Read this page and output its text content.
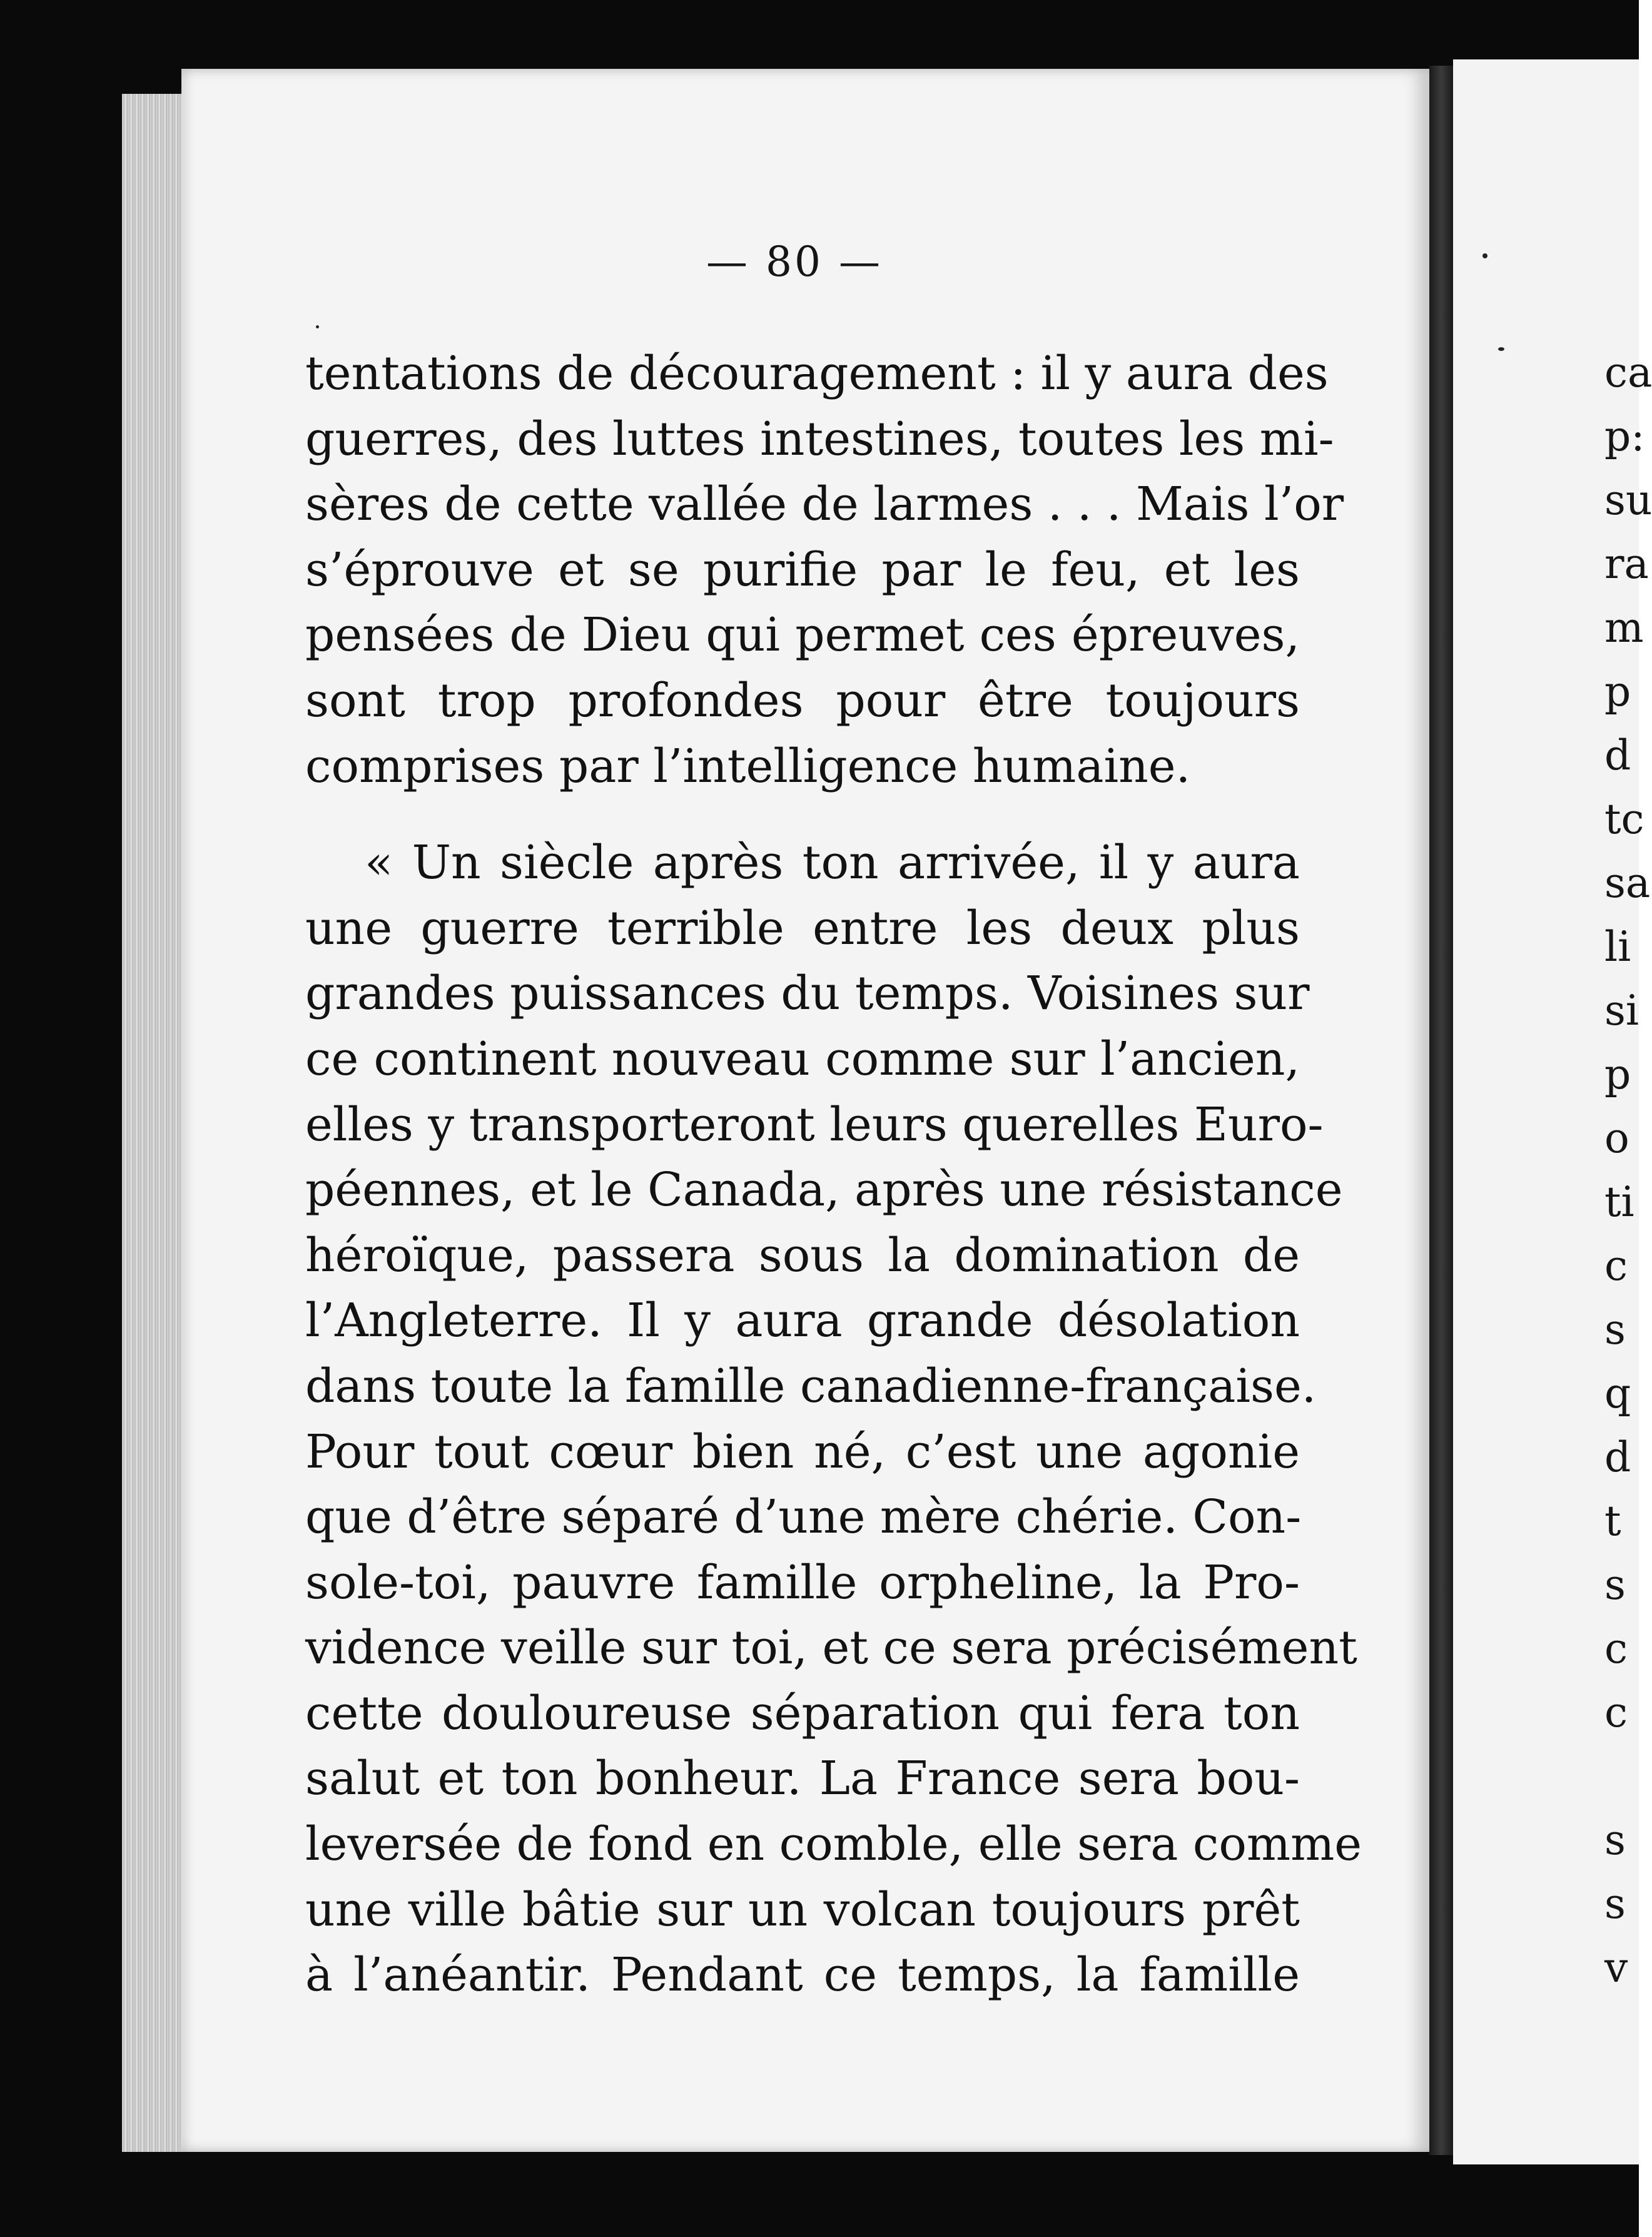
— 80 —
tentations de découragement : il y aura des
guerres, des luttes intestines, toutes les mi-
sères de cette vallée de larmes . . . Mais l’or
s’éprouve et se purifie par le feu, et les
pensées de Dieu qui permet ces épreuves,
sont trop profondes pour être toujours
comprises par l’intelligence humaine.
« Un siècle après ton arrivée, il y aura
une guerre terrible entre les deux plus
grandes puissances du temps. Voisines sur
ce continent nouveau comme sur l’ancien,
elles y transporteront leurs querelles Euro-
péennes, et le Canada, après une résistance
héroïque, passera sous la domination de
l’Angleterre. Il y aura grande désolation
dans toute la famille canadienne-française.
Pour tout cœur bien né, c’est une agonie
que d’être séparé d’une mère chérie. Con-
sole-toi, pauvre famille orpheline, la Pro-
vidence veille sur toi, et ce sera précisément
cette douloureuse séparation qui fera ton
salut et ton bonheur. La France sera bou-
leversée de fond en comble, elle sera comme
une ville bâtie sur un volcan toujours prêt
à l’anéantir. Pendant ce temps, la famille
ca
p:
su
ra
m
p
d
tc
sa
li
si
p
o
ti
c
s
q
d
t
s
c
c
s
s
v
